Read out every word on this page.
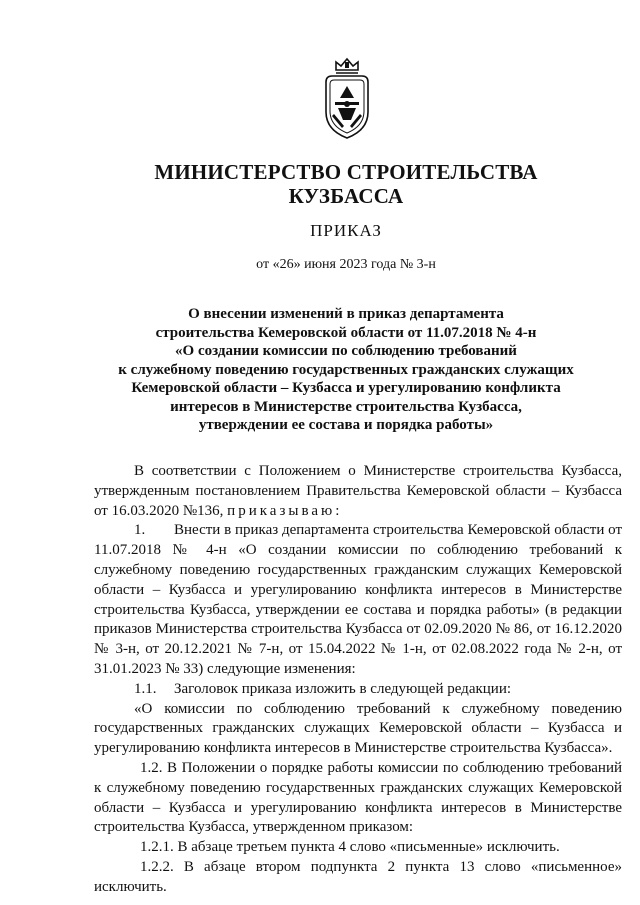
МИНИСТЕРСТВО СТРОИТЕЛЬСТВА
КУЗБАССА
ПРИКАЗ
от «26» июня 2023 года № 3-н
О внесении изменений в приказ департамента
строительства Кемеровской области от 11.07.2018 № 4-н
«О создании комиссии по соблюдению требований
к служебному поведению государственных гражданских служащих
Кемеровской области – Кузбасса и урегулированию конфликта
интересов в Министерстве строительства Кузбасса,
утверждении ее состава и порядка работы»

В соответствии с Положением о Министерстве строительства Кузбасса, утвержденным постановлением Правительства Кемеровской области – Кузбасса от 16.03.2020 №136, приказываю:

1. Внести в приказ департамента строительства Кемеровской области от 11.07.2018 № 4-н «О создании комиссии по соблюдению требований к служебному поведению государственных гражданским служащих Кемеровской области – Кузбасса и урегулированию конфликта интересов в Министерстве строительства Кузбасса, утверждении ее состава и порядка работы» (в редакции приказов Министерства строительства Кузбасса от 02.09.2020 № 86, от 16.12.2020 № 3-н, от 20.12.2021 № 7-н, от 15.04.2022 № 1-н, от 02.08.2022 года № 2-н, от 31.01.2023 № 33) следующие изменения:

1.1. Заголовок приказа изложить в следующей редакции:

«О комиссии по соблюдению требований к служебному поведению государственных гражданских служащих Кемеровской области – Кузбасса и урегулированию конфликта интересов в Министерстве строительства Кузбасса».

1.2. В Положении о порядке работы комиссии по соблюдению требований к служебному поведению государственных гражданских служащих Кемеровской области – Кузбасса и урегулированию конфликта интересов в Министерстве строительства Кузбасса, утвержденном приказом:

1.2.1. В абзаце третьем пункта 4 слово «письменные» исключить.

1.2.2. В абзаце втором подпункта 2 пункта 13 слово «письменное» исключить.
